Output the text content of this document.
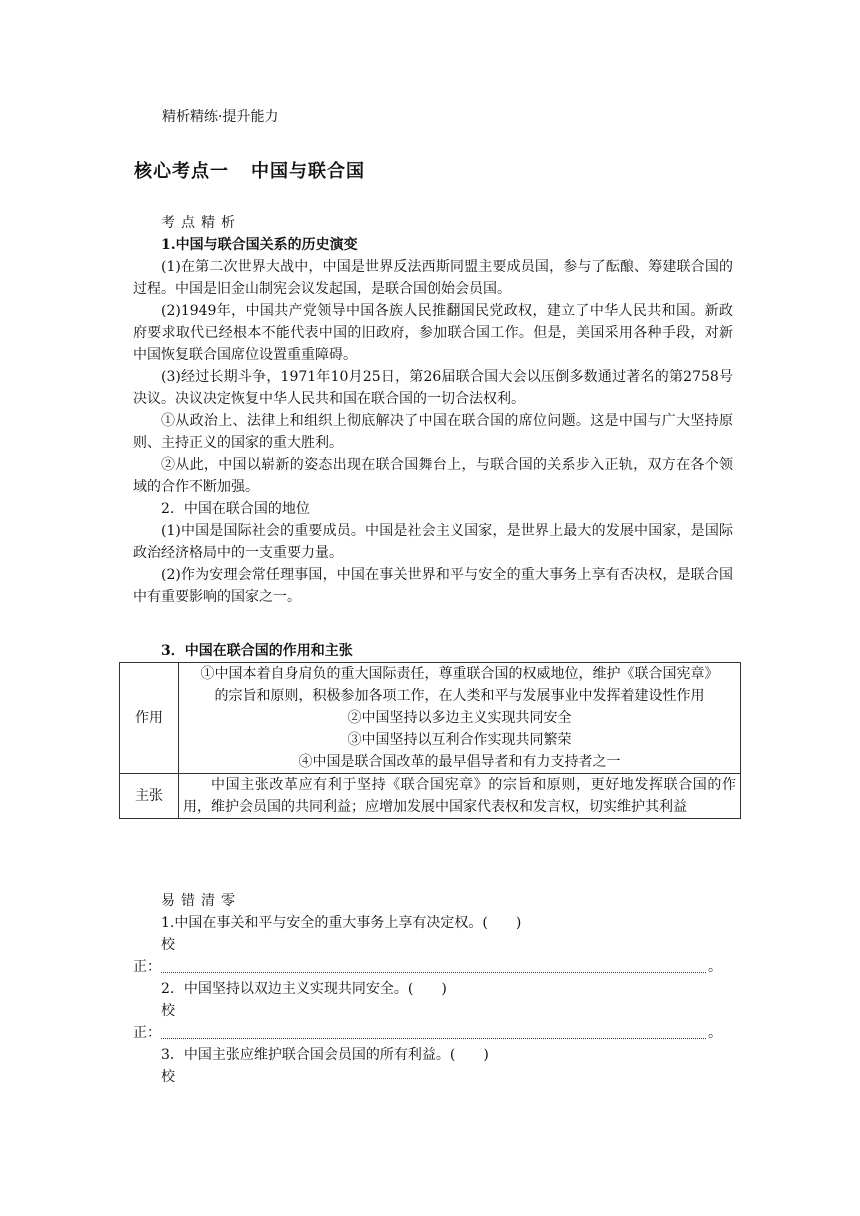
精析精练·提升能力
核心考点一 中国与联合国

考点精析

1.中国与联合国关系的历史演变

(1)在第二次世界大战中，中国是世界反法西斯同盟主要成员国，参与了酝酿、筹建联合国的过程。中国是旧金山制宪会议发起国，是联合国创始会员国。

(2)1949年，中国共产党领导中国各族人民推翻国民党政权，建立了中华人民共和国。新政府要求取代已经根本不能代表中国的旧政府，参加联合国工作。但是，美国采用各种手段，对新中国恢复联合国席位设置重重障碍。

(3)经过长期斗争，1971年10月25日，第26届联合国大会以压倒多数通过著名的第2758号决议。决议决定恢复中华人民共和国在联合国的一切合法权利。

①从政治上、法律上和组织上彻底解决了中国在联合国的席位问题。这是中国与广大坚持原则、主持正义的国家的重大胜利。

②从此，中国以崭新的姿态出现在联合国舞台上，与联合国的关系步入正轨，双方在各个领域的合作不断加强。

2．中国在联合国的地位

(1)中国是国际社会的重要成员。中国是社会主义国家，是世界上最大的发展中国家，是国际政治经济格局中的一支重要力量。

(2)作为安理会常任理事国，中国在事关世界和平与安全的重大事务上享有否决权，是联合国中有重要影响的国家之一。

3．中国在联合国的作用和主张

作用	①中国本着自身肩负的重大国际责任，尊重联合国的权威地位，维护《联合国宪章》
的宗旨和原则，积极参加各项工作，在人类和平与发展事业中发挥着建设性作用
②中国坚持以多边主义实现共同安全
③中国坚持以互利合作实现共同繁荣
④中国是联合国改革的最早倡导者和有力支持者之一

主张	中国主张改革应有利于坚持《联合国宪章》的宗旨和原则，更好地发挥联合国的作用，维护会员国的共同利益；应增加发展中国家代表权和发言权，切实维护其利益

易错清零

1.中国在事关和平与安全的重大事务上享有决定权。( )

校

正：	。

2．中国坚持以双边主义实现共同安全。( )

校

正：	。

3．中国主张应维护联合国会员国的所有利益。( )

校
